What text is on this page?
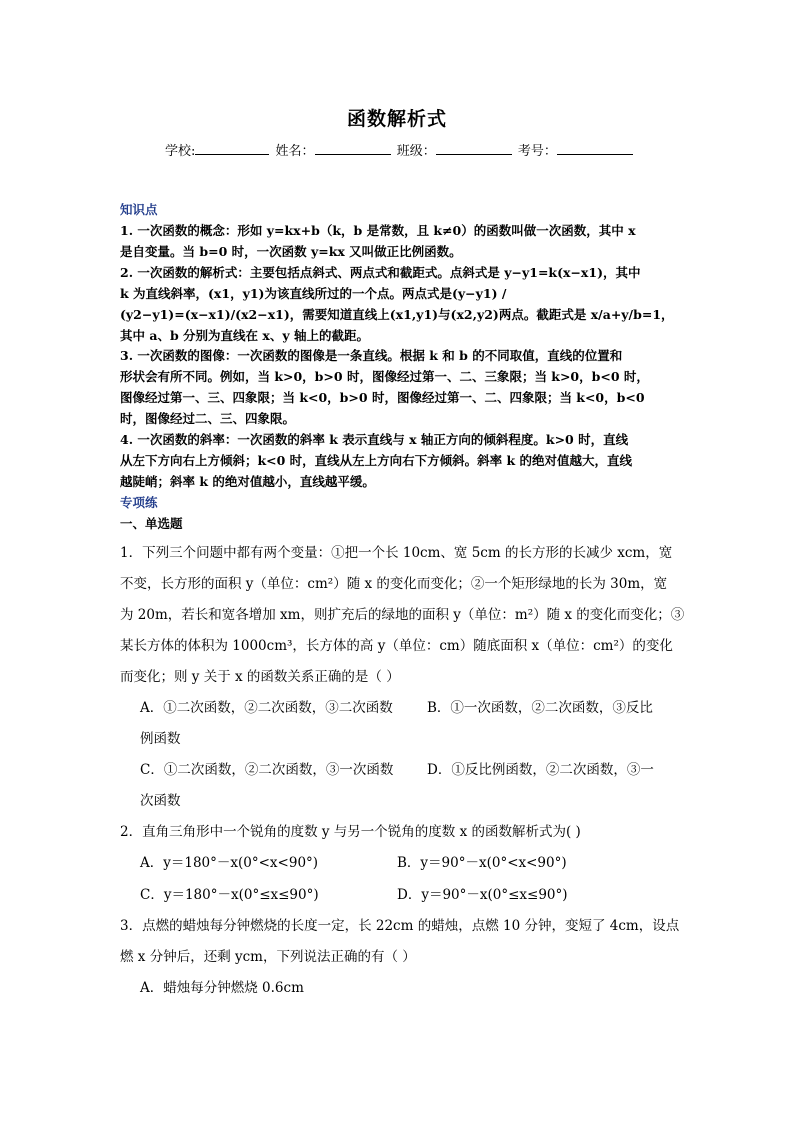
函数解析式
学校:	姓名：	班级：	考号：
知识点
1. 一次函数的概念：形如 y=kx+b（k，b 是常数，且 k≠0）的函数叫做一次函数，其中 x
是自变量。当 b=0 时，一次函数 y=kx 又叫做正比例函数。
2. 一次函数的解析式：主要包括点斜式、两点式和截距式。点斜式是 y−y1=k(x−x1)，其中
k 为直线斜率，(x1，y1)为该直线所过的一个点。两点式是(y−y1) /
(y2−y1)=(x−x1)/(x2−x1)，需要知道直线上(x1,y1)与(x2,y2)两点。截距式是 x/a+y/b=1，
其中 a、b 分别为直线在 x、y 轴上的截距。
3. 一次函数的图像：一次函数的图像是一条直线。根据 k 和 b 的不同取值，直线的位置和
形状会有所不同。例如，当 k>0，b>0 时，图像经过第一、二、三象限；当 k>0，b<0 时，
图像经过第一、三、四象限；当 k<0，b>0 时，图像经过第一、二、四象限；当 k<0，b<0
时，图像经过二、三、四象限。
4. 一次函数的斜率：一次函数的斜率 k 表示直线与 x 轴正方向的倾斜程度。k>0 时，直线
从左下方向右上方倾斜；k<0 时，直线从左上方向右下方倾斜。斜率 k 的绝对值越大，直线
越陡峭；斜率 k 的绝对值越小，直线越平缓。
专项练
一、单选题
1．下列三个问题中都有两个变量：①把一个长 10cm、宽 5cm 的长方形的长减少 xcm，宽
不变，长方形的面积 y（单位：cm²）随 x 的变化而变化；②一个矩形绿地的长为 30m，宽
为 20m，若长和宽各增加 xm，则扩充后的绿地的面积 y（单位：m²）随 x 的变化而变化；③
某长方体的体积为 1000cm³，长方体的高 y（单位：cm）随底面积 x（单位：cm²）的变化
而变化；则 y 关于 x 的函数关系正确的是（ ）
A．①二次函数，②二次函数，③二次函数	B．①一次函数，②二次函数，③反比
例函数
C．①二次函数，②二次函数，③一次函数 D．①反比例函数，②二次函数，③一
次函数
2．直角三角形中一个锐角的度数 y 与另一个锐角的度数 x 的函数解析式为( )
A．y＝180°－x(0°<x<90°)	B．y＝90°－x(0°<x<90°)
C．y＝180°－x(0°≤x≤90°)	D．y＝90°－x(0°≤x≤90°)
3．点燃的蜡烛每分钟燃烧的长度一定，长 22cm 的蜡烛，点燃 10 分钟，变短了 4cm，设点
燃 x 分钟后，还剩 ycm，下列说法正确的有（ ）
A．蜡烛每分钟燃烧 0.6cm
